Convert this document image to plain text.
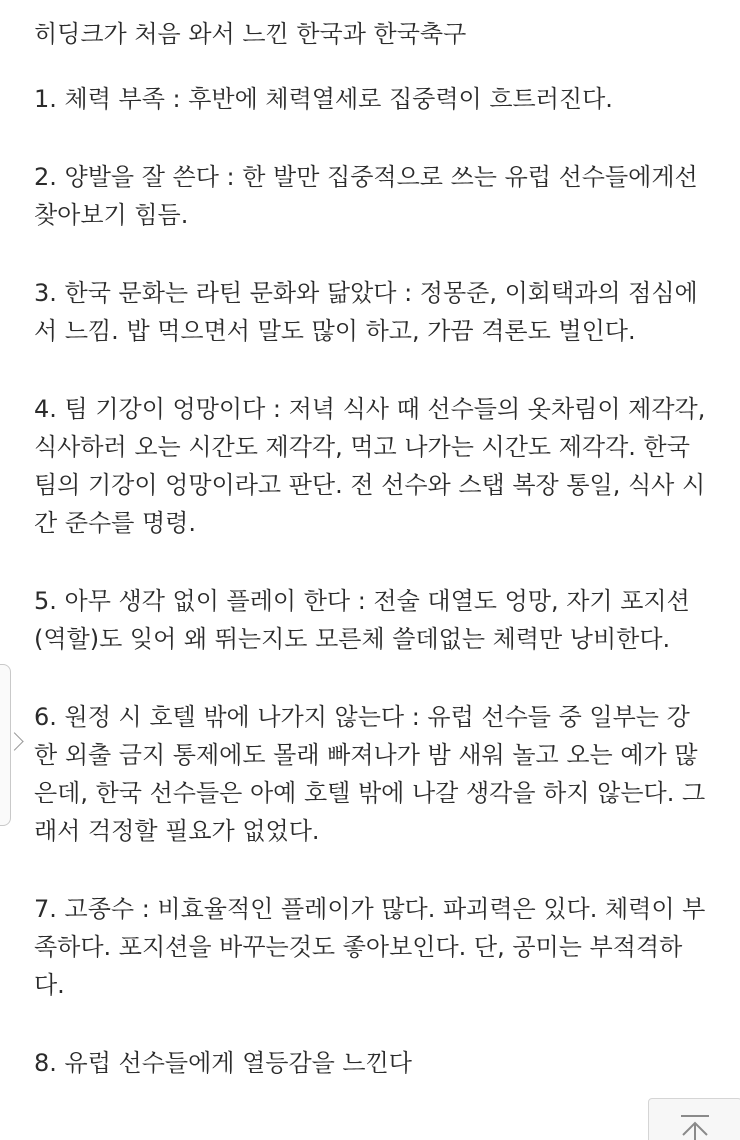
히딩크가 처음 와서 느낀 한국과 한국축구
1. 체력 부족 : 후반에 체력열세로 집중력이 흐트러진다.
2. 양발을 잘 쓴다 : 한 발만 집중적으로 쓰는 유럽 선수들에게선
찾아보기 힘듬.
3. 한국 문화는 라틴 문화와 닮았다 : 정몽준, 이회택과의 점심에
서 느낌. 밥 먹으면서 말도 많이 하고, 가끔 격론도 벌인다.
4. 팀 기강이 엉망이다 : 저녁 식사 때 선수들의 옷차림이 제각각,
식사하러 오는 시간도 제각각, 먹고 나가는 시간도 제각각. 한국
팀의 기강이 엉망이라고 판단. 전 선수와 스탭 복장 통일, 식사 시
간 준수를 명령.
5. 아무 생각 없이 플레이 한다 : 전술 대열도 엉망, 자기 포지션
(역할)도 잊어 왜 뛰는지도 모른체 쓸데없는 체력만 낭비한다.
6. 원정 시 호텔 밖에 나가지 않는다 : 유럽 선수들 중 일부는 강
한 외출 금지 통제에도 몰래 빠져나가 밤 새워 놀고 오는 예가 많
은데, 한국 선수들은 아예 호텔 밖에 나갈 생각을 하지 않는다. 그
래서 걱정할 필요가 없었다.
7. 고종수 : 비효율적인 플레이가 많다. 파괴력은 있다. 체력이 부
족하다. 포지션을 바꾸는것도 좋아보인다. 단, 공미는 부적격하
다.
8. 유럽 선수들에게 열등감을 느낀다
